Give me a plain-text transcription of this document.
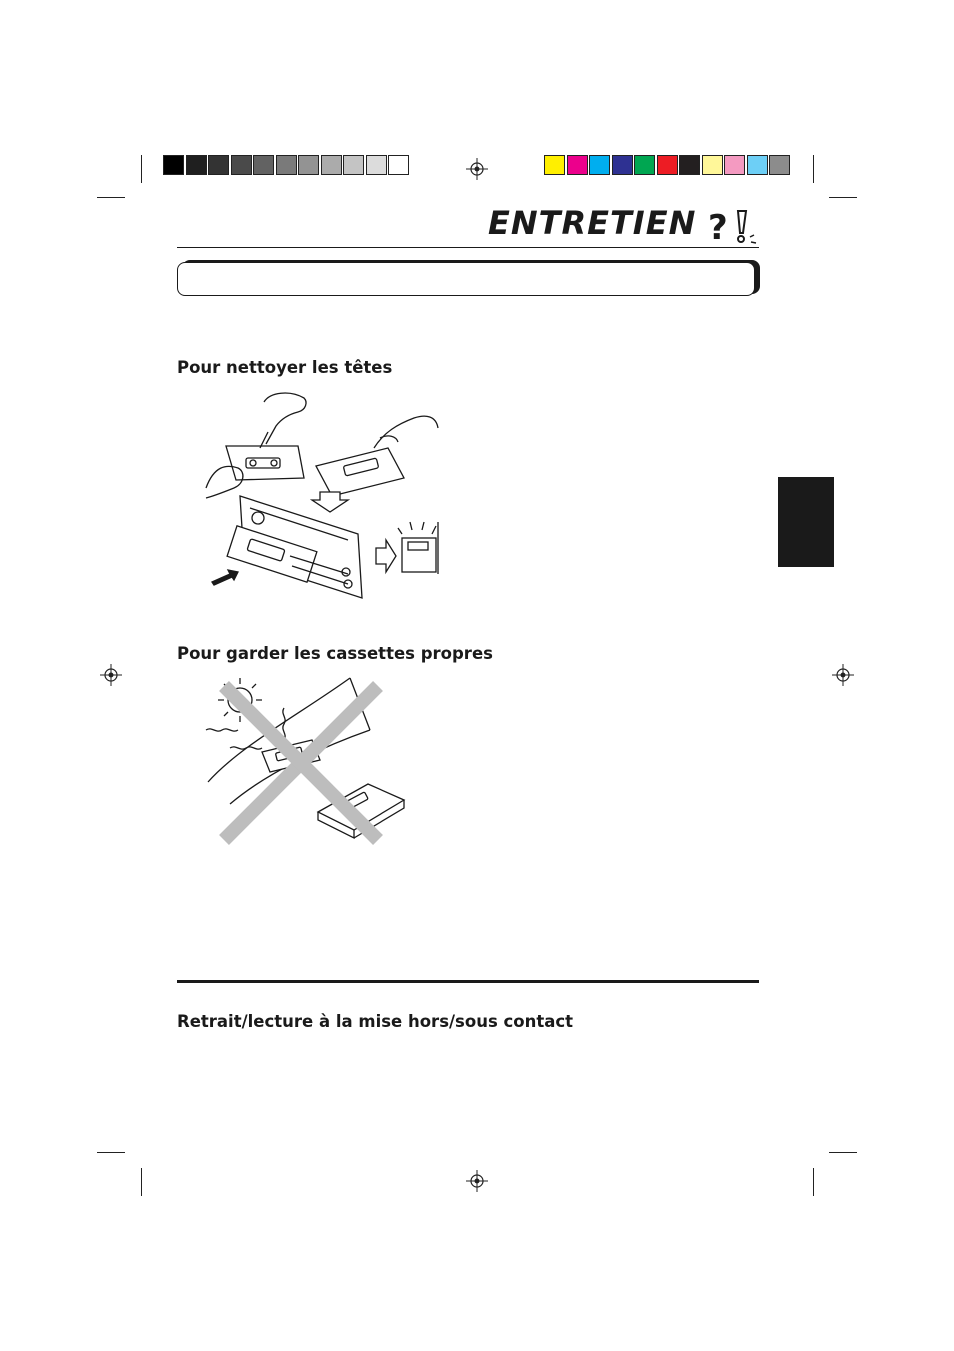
ENTRETIEN ?
Pour nettoyer les têtes
Pour garder les cassettes propres
Retrait/lecture à la mise hors/sous contact
